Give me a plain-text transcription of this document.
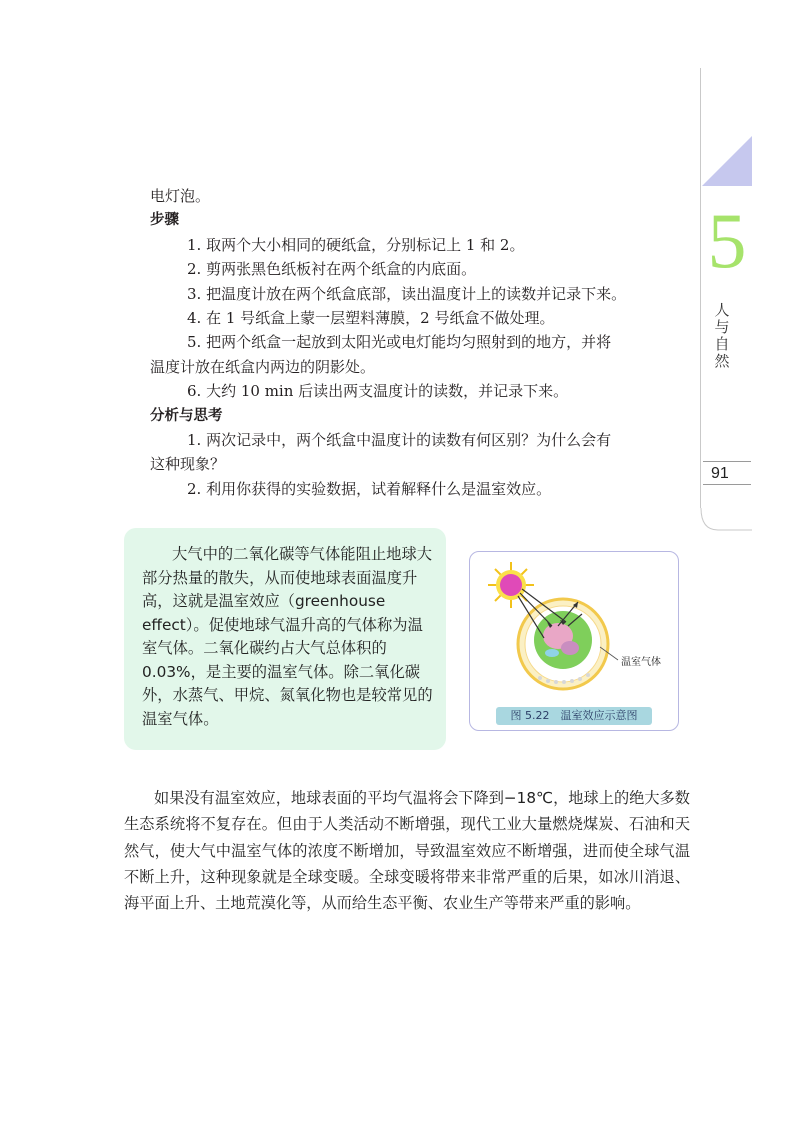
电灯泡。

步骤

1. 取两个大小相同的硬纸盒，分别标记上 1 和 2。

2. 剪两张黑色纸板衬在两个纸盒的内底面。

3. 把温度计放在两个纸盒底部，读出温度计上的读数并记录下来。

4. 在 1 号纸盒上蒙一层塑料薄膜，2 号纸盒不做处理。

5. 把两个纸盒一起放到太阳光或电灯能均匀照射到的地方，并将

温度计放在纸盒内两边的阴影处。

6. 大约 10 min 后读出两支温度计的读数，并记录下来。

分析与思考

1. 两次记录中，两个纸盒中温度计的读数有何区别？为什么会有

这种现象？

2. 利用你获得的实验数据，试着解释什么是温室效应。

5
人与自然
91

大气中的二氧化碳等气体能阻止地球大部分热量的散失，从而使地球表面温度升高，这就是温室效应（greenhouse effect）。促使地球气温升高的气体称为温室气体。二氧化碳约占大气总体积的0.03%，是主要的温室气体。除二氧化碳外，水蒸气、甲烷、氮氧化物也是较常见的温室气体。

温室气体
图 5.22　温室效应示意图

如果没有温室效应，地球表面的平均气温将会下降到−18℃，地球上的绝大多数生态系统将不复存在。但由于人类活动不断增强，现代工业大量燃烧煤炭、石油和天然气，使大气中温室气体的浓度不断增加，导致温室效应不断增强，进而使全球气温不断上升，这种现象就是全球变暖。全球变暖将带来非常严重的后果，如冰川消退、海平面上升、土地荒漠化等，从而给生态平衡、农业生产等带来严重的影响。
